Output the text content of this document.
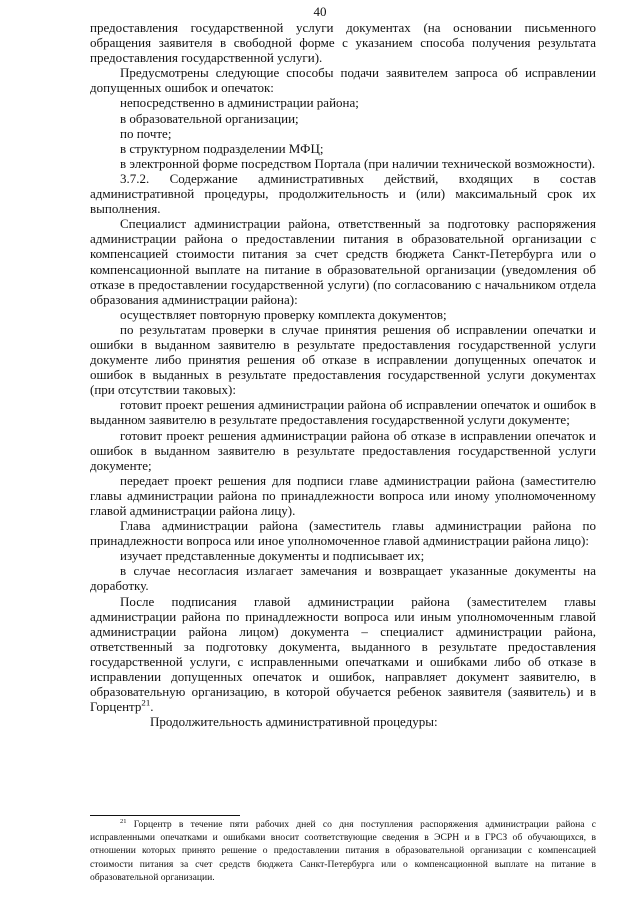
40

предоставления государственной услуги документах (на основании письменного обращения заявителя в свободной форме с указанием способа получения результата предоставления государственной услуги).

Предусмотрены следующие способы подачи заявителем запроса об исправлении допущенных ошибок и опечаток:

непосредственно в администрации района;

в образовательной организации;

по почте;

в структурном подразделении МФЦ;

в электронной форме посредством Портала (при наличии технической возможности).

3.7.2. Содержание административных действий, входящих в состав административной процедуры, продолжительность и (или) максимальный срок их выполнения.

Специалист администрации района, ответственный за подготовку распоряжения администрации района о предоставлении питания в образовательной организации с компенсацией стоимости питания за счет средств бюджета Санкт-Петербурга или о компенсационной выплате на питание в образовательной организации (уведомления об отказе в предоставлении государственной услуги) (по согласованию с начальником отдела образования администрации района):

осуществляет повторную проверку комплекта документов;

по результатам проверки в случае принятия решения об исправлении опечатки и ошибки в выданном заявителю в результате предоставления государственной услуги документе либо принятия решения об отказе в исправлении допущенных опечаток и ошибок в выданных в результате предоставления государственной услуги документах (при отсутствии таковых):

готовит проект решения администрации района об исправлении опечаток и ошибок в выданном заявителю в результате предоставления государственной услуги документе;

готовит проект решения администрации района об отказе в исправлении опечаток и ошибок в выданном заявителю в результате предоставления государственной услуги документе;

передает проект решения для подписи главе администрации района (заместителю главы администрации района по принадлежности вопроса или иному уполномоченному главой администрации района лицу).

Глава администрации района (заместитель главы администрации района по принадлежности вопроса или иное уполномоченное главой администрации района лицо):

изучает представленные документы и подписывает их;

в случае несогласия излагает замечания и возвращает указанные документы на доработку.

После подписания главой администрации района (заместителем главы администрации района по принадлежности вопроса или иным уполномоченным главой администрации района лицом) документа – специалист администрации района, ответственный за подготовку документа, выданного в результате предоставления государственной услуги, с исправленными опечатками и ошибками либо об отказе в исправлении допущенных опечаток и ошибок, направляет документ заявителю, в образовательную организацию, в которой обучается ребенок заявителя (заявитель) и в Горцентр$^{21}$.

Продолжительность административной процедуры:

$^{21}$ Горцентр в течение пяти рабочих дней со дня поступления распоряжения администрации района с исправленными опечатками и ошибками вносит соответствующие сведения в ЭСРН и в ГРСЗ об обучающихся, в отношении которых принято решение о предоставлении питания в образовательной организации с компенсацией стоимости питания за счет средств бюджета Санкт-Петербурга или о компенсационной выплате на питание в образовательной организации.
